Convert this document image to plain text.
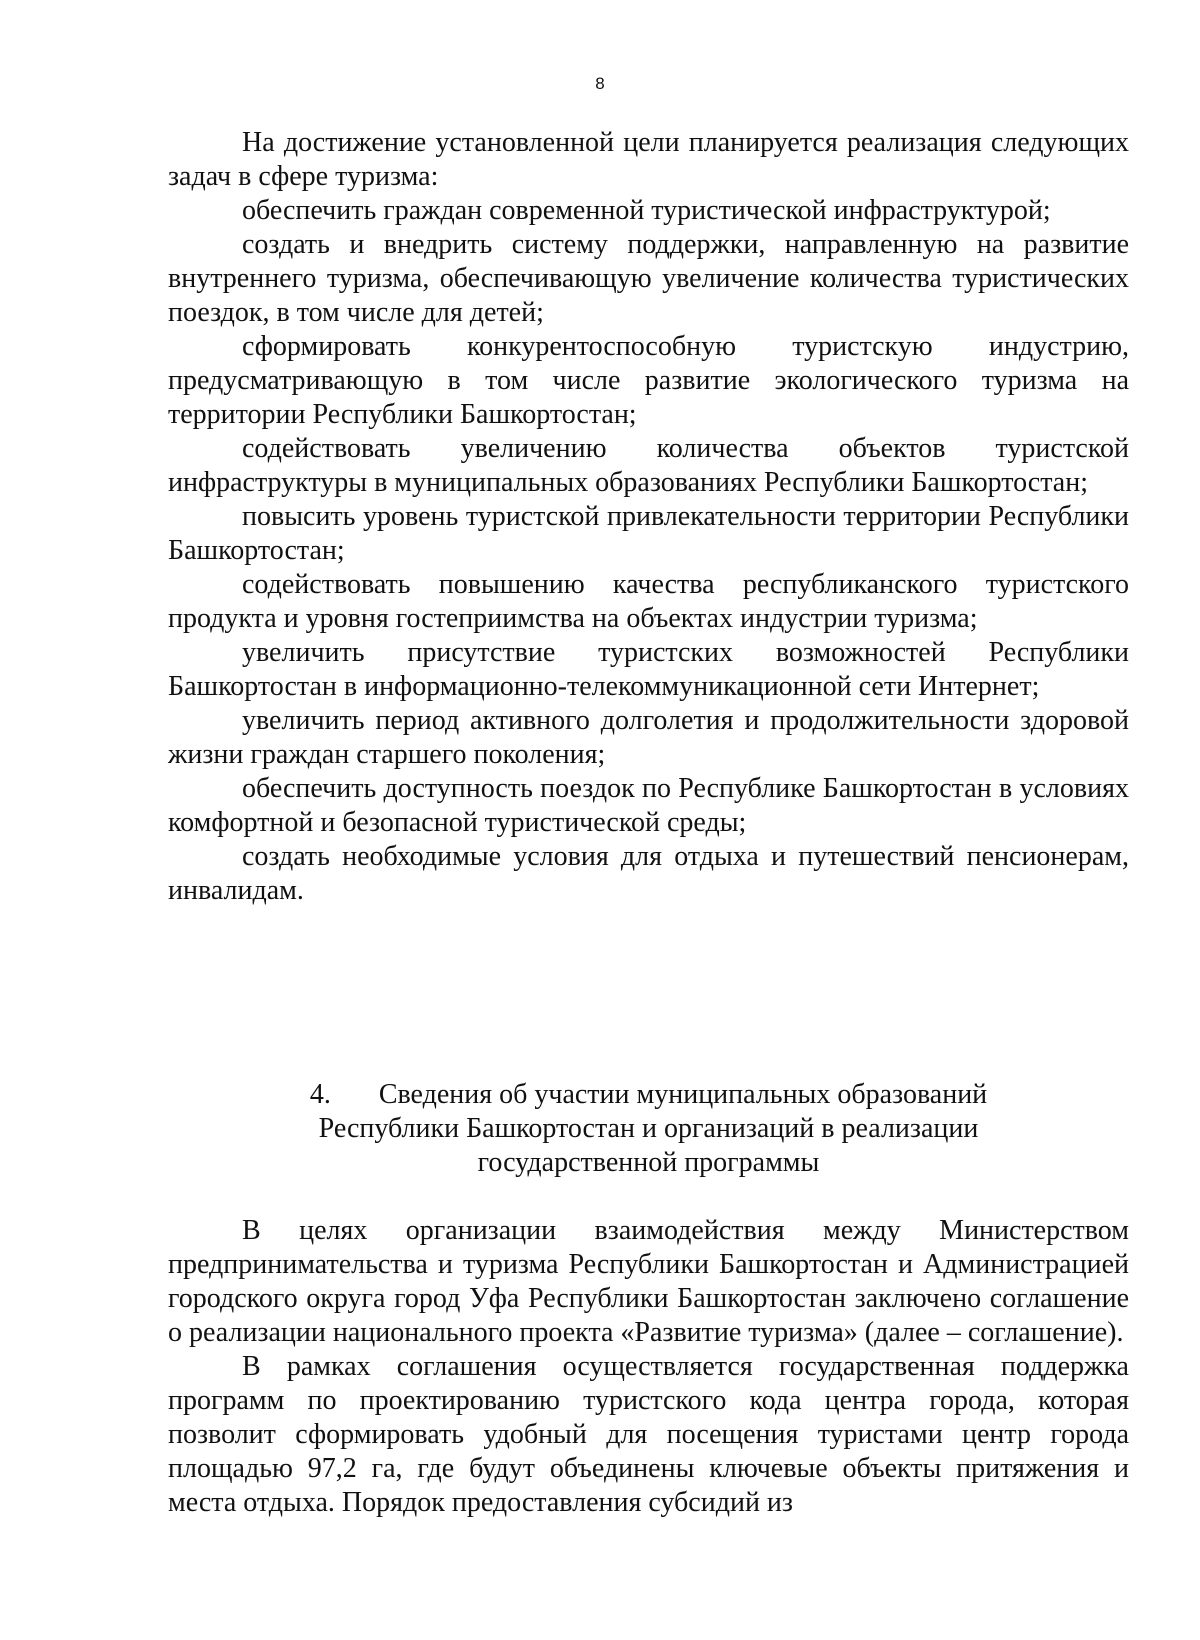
8

На достижение установленной цели планируется реализация следующих задач в сфере туризма:

обеспечить граждан современной туристической инфраструктурой;

создать и внедрить систему поддержки, направленную на развитие внутреннего туризма, обеспечивающую увеличение количества туристических поездок, в том числе для детей;

сформировать конкурентоспособную туристскую индустрию, предусматривающую в том числе развитие экологического туризма на территории Республики Башкортостан;

содействовать увеличению количества объектов туристской инфраструктуры в муниципальных образованиях Республики Башкортостан;

повысить уровень туристской привлекательности территории Республики Башкортостан;

содействовать повышению качества республиканского туристского продукта и уровня гостеприимства на объектах индустрии туризма;

увеличить присутствие туристских возможностей Республики Башкортостан в информационно-телекоммуникационной сети Интернет;

увеличить период активного долголетия и продолжительности здоровой жизни граждан старшего поколения;

обеспечить доступность поездок по Республике Башкортостан в условиях комфортной и безопасной туристической среды;

создать необходимые условия для отдыха и путешествий пенсионерам, инвалидам.

4. Сведения об участии муниципальных образований
Республики Башкортостан и организаций в реализации
государственной программы

В целях организации взаимодействия между Министерством предпринимательства и туризма Республики Башкортостан и Администрацией городского округа город Уфа Республики Башкортостан заключено соглашение о реализации национального проекта «Развитие туризма» (далее – соглашение).

В рамках соглашения осуществляется государственная поддержка программ по проектированию туристского кода центра города, которая позволит сформировать удобный для посещения туристами центр города площадью 97,2 га, где будут объединены ключевые объекты притяжения и места отдыха. Порядок предоставления субсидий из
